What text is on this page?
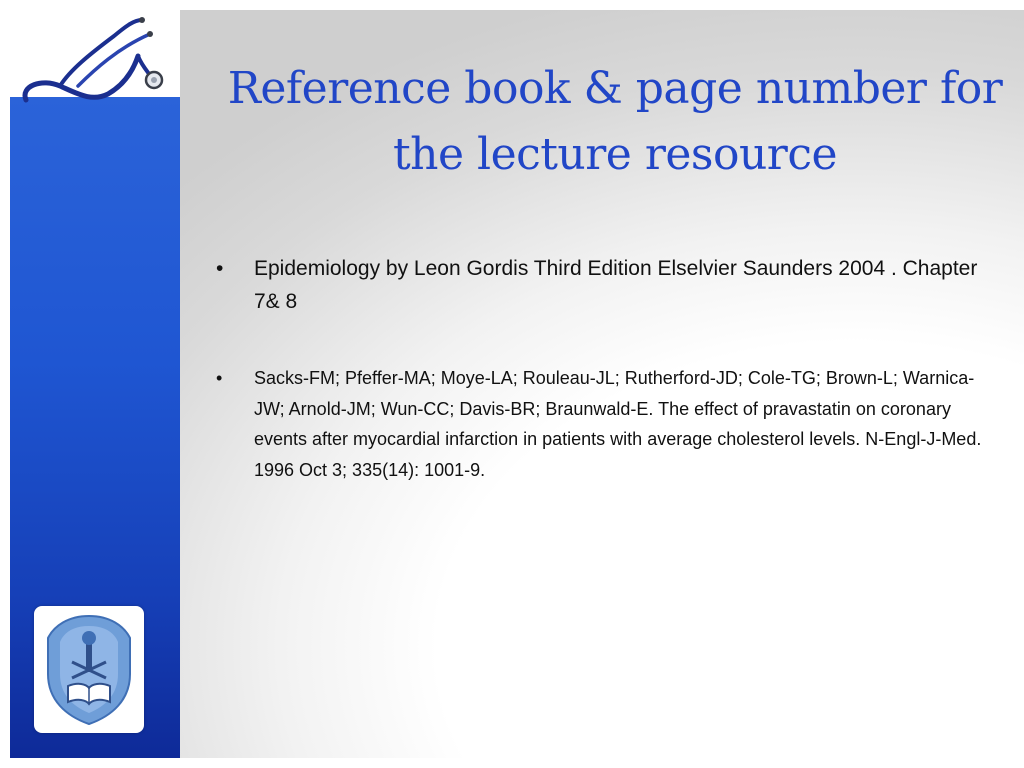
Reference book & page number for the lecture resource
• Epidemiology by Leon Gordis Third Edition Elselvier Saunders 2004 . Chapter 7& 8
• Sacks-FM; Pfeffer-MA; Moye-LA; Rouleau-JL; Rutherford-JD; Cole-TG; Brown-L; Warnica-JW; Arnold-JM; Wun-CC; Davis-BR; Braunwald-E. The effect of pravastatin on coronary events after myocardial infarction in patients with average cholesterol levels. N-Engl-J-Med. 1996 Oct 3; 335(14): 1001-9.
